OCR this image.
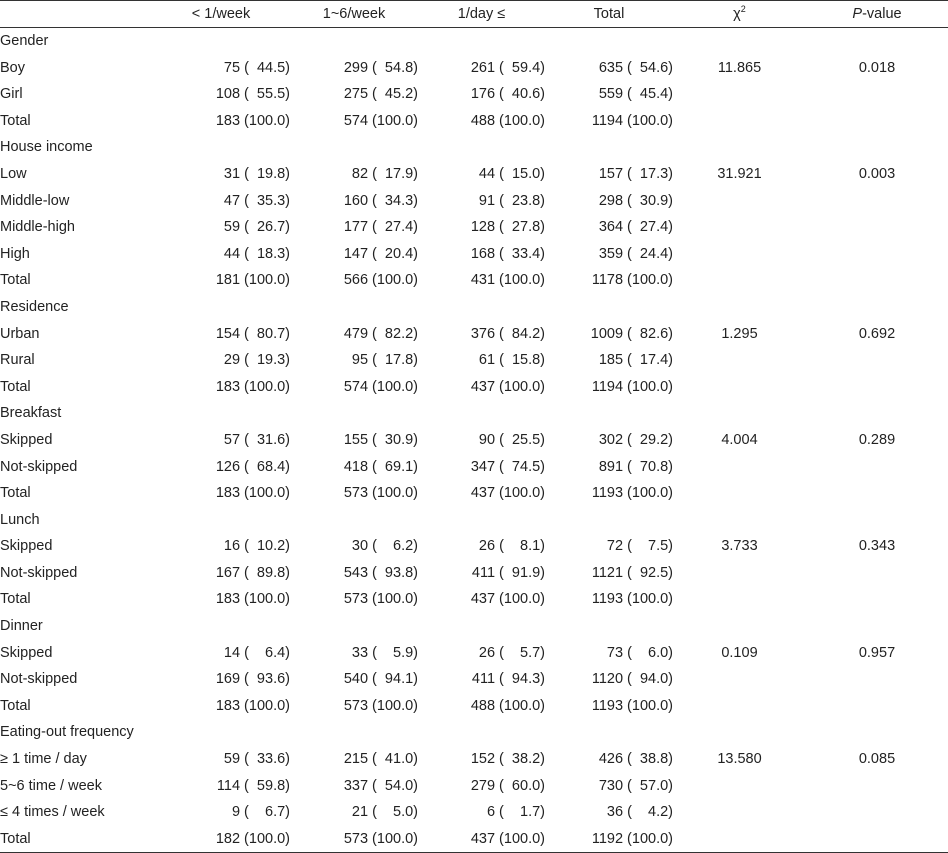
	< 1/week	1~6/week	1/day ≤	Total	$\chi^2$	P-value
Gender						
Boy	75 (  44.5)	299 (  54.8)	261 (  59.4)	635 (  54.6)	11.865	0.018
Girl	108 (  55.5)	275 (  45.2)	176 (  40.6)	559 (  45.4)		
Total	183 (100.0)	574 (100.0)	488 (100.0)	1194 (100.0)		
House income						
Low	31 (  19.8)	82 (  17.9)	44 (  15.0)	157 (  17.3)	31.921	0.003
Middle-low	47 (  35.3)	160 (  34.3)	91 (  23.8)	298 (  30.9)		
Middle-high	59 (  26.7)	177 (  27.4)	128 (  27.8)	364 (  27.4)		
High	44 (  18.3)	147 (  20.4)	168 (  33.4)	359 (  24.4)		
Total	181 (100.0)	566 (100.0)	431 (100.0)	1178 (100.0)		
Residence						
Urban	154 (  80.7)	479 (  82.2)	376 (  84.2)	1009 (  82.6)	1.295	0.692
Rural	29 (  19.3)	95 (  17.8)	61 (  15.8)	185 (  17.4)		
Total	183 (100.0)	574 (100.0)	437 (100.0)	1194 (100.0)		
Breakfast						
Skipped	57 (  31.6)	155 (  30.9)	90 (  25.5)	302 (  29.2)	4.004	0.289
Not-skipped	126 (  68.4)	418 (  69.1)	347 (  74.5)	891 (  70.8)		
Total	183 (100.0)	573 (100.0)	437 (100.0)	1193 (100.0)		
Lunch						
Skipped	16 (  10.2)	30 (    6.2)	26 (    8.1)	72 (    7.5)	3.733	0.343
Not-skipped	167 (  89.8)	543 (  93.8)	411 (  91.9)	1121 (  92.5)		
Total	183 (100.0)	573 (100.0)	437 (100.0)	1193 (100.0)		
Dinner						
Skipped	14 (    6.4)	33 (    5.9)	26 (    5.7)	73 (    6.0)	0.109	0.957
Not-skipped	169 (  93.6)	540 (  94.1)	411 (  94.3)	1120 (  94.0)		
Total	183 (100.0)	573 (100.0)	488 (100.0)	1193 (100.0)		
Eating-out frequency						
≥ 1 time / day	59 (  33.6)	215 (  41.0)	152 (  38.2)	426 (  38.8)	13.580	0.085
5~6 time / week	114 (  59.8)	337 (  54.0)	279 (  60.0)	730 (  57.0)		
≤ 4 times / week	9 (    6.7)	21 (    5.0)	6 (    1.7)	36 (    4.2)		
Total	182 (100.0)	573 (100.0)	437 (100.0)	1192 (100.0)		
